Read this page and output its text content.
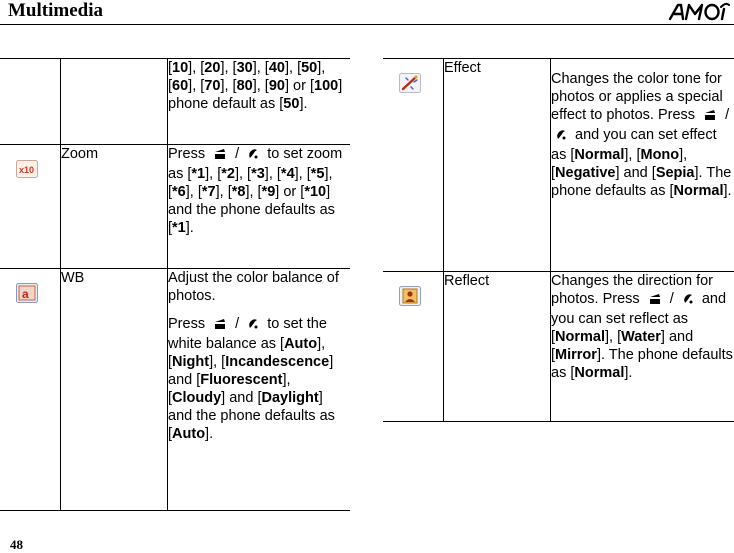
Multimedia
		[10], [20], [30], [40], [50], [60], [70], [80], [90] or [100] phone default as [50].

x10	Zoom	Press / to set zoom as [*1], [*2], [*3], [*4], [*5], [*6], [*7], [*8], [*9] or [*10] and the phone defaults as [*1].

a	WB	Adjust the color balance of photos.

Press / to set the white balance as [Auto], [Night], [Incandescence] and [Fluorescent], [Cloudy] and [Daylight] and the phone defaults as [Auto].

	Effect	Changes the color tone for photos or applies a special effect to photos. Press /  and you can set effect as [Normal], [Mono], [Negative] and [Sepia]. The phone defaults as [Normal].

	Reflect	Changes the direction for photos. Press / and you can set reflect as [Normal], [Water] and [Mirror]. The phone defaults as [Normal].
48
